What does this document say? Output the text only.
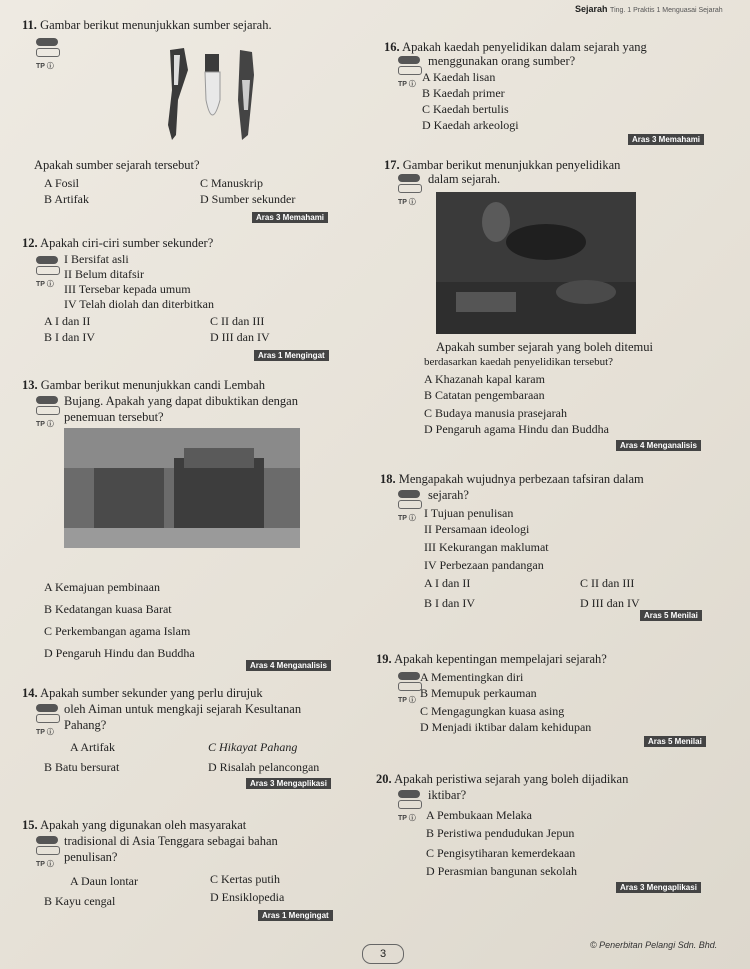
Sejarah Ting. 1 Praktis 1 Menguasai Sejarah
11. Gambar berikut menunjukkan sumber sejarah.
TP ⓘ
Apakah sumber sejarah tersebut?
A Fosil	C Manuskrip
B Artifak	D Sumber sekunder
Aras 3 Memahami
12. Apakah ciri-ciri sumber sekunder?
TP ⓘ
I Bersifat asli
II Belum ditafsir
III Tersebar kepada umum
IV Telah diolah dan diterbitkan
A I dan II	C II dan III
B I dan IV	D III dan IV
Aras 1 Mengingat
13. Gambar berikut menunjukkan candi Lembah
Bujang. Apakah yang dapat dibuktikan dengan
penemuan tersebut?
TP ⓘ
A Kemajuan pembinaan
B Kedatangan kuasa Barat
C Perkembangan agama Islam
D Pengaruh Hindu dan Buddha
Aras 4 Menganalisis
14. Apakah sumber sekunder yang perlu dirujuk
oleh Aiman untuk mengkaji sejarah Kesultanan
Pahang?
TP ⓘ
A Artifak	C Hikayat Pahang
B Batu bersurat	D Risalah pelancongan
Aras 3 Mengaplikasi
15. Apakah yang digunakan oleh masyarakat
tradisional di Asia Tenggara sebagai bahan
penulisan?
TP ⓘ
A Daun lontar	C Kertas putih
B Kayu cengal	D Ensiklopedia
Aras 1 Mengingat
16. Apakah kaedah penyelidikan dalam sejarah yang
menggunakan orang sumber?
TP ⓘ
A Kaedah lisan
B Kaedah primer
C Kaedah bertulis
D Kaedah arkeologi
Aras 3 Memahami
17. Gambar berikut menunjukkan penyelidikan
dalam sejarah.
TP ⓘ
Apakah sumber sejarah yang boleh ditemui
berdasarkan kaedah penyelidikan tersebut?
A Khazanah kapal karam
B Catatan pengembaraan
C Budaya manusia prasejarah
D Pengaruh agama Hindu dan Buddha
Aras 4 Menganalisis
18. Mengapakah wujudnya perbezaan tafsiran dalam
sejarah?
TP ⓘ I Tujuan penulisan
II Persamaan ideologi
III Kekurangan maklumat
IV Perbezaan pandangan
A I dan II	C II dan III
B I dan IV	D III dan IV
Aras 5 Menilai
19. Apakah kepentingan mempelajari sejarah?
TP ⓘ
A Mementingkan diri
B Memupuk perkauman
C Mengagungkan kuasa asing
D Menjadi iktibar dalam kehidupan
Aras 5 Menilai
20. Apakah peristiwa sejarah yang boleh dijadikan
iktibar?
TP ⓘ A Pembukaan Melaka
B Peristiwa pendudukan Jepun
C Pengisytiharan kemerdekaan
D Perasmian bangunan sekolah
Aras 3 Mengaplikasi
3
© Penerbitan Pelangi Sdn. Bhd.
